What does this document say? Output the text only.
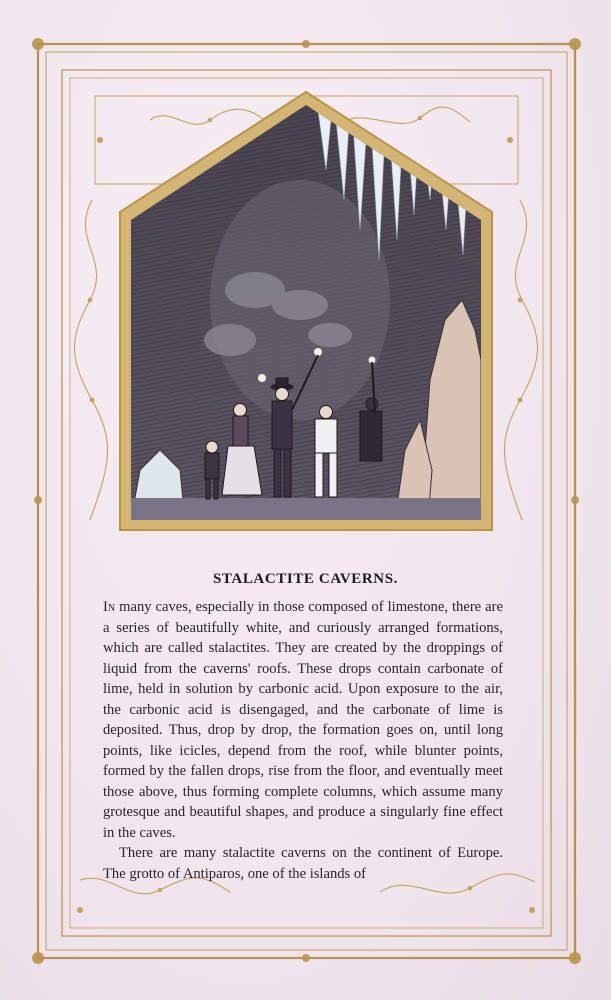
STALACTITE CAVERNS.

In many caves, especially in those composed of limestone, there are a series of beautifully white, and curiously arranged formations, which are called stalactites. They are created by the droppings of liquid from the caverns' roofs. These drops contain carbonate of lime, held in solution by carbonic acid. Upon exposure to the air, the carbonic acid is disengaged, and the carbonate of lime is deposited. Thus, drop by drop, the formation goes on, until long points, like icicles, depend from the roof, while blunter points, formed by the fallen drops, rise from the floor, and eventually meet those above, thus forming complete columns, which assume many grotesque and beautiful shapes, and produce a singularly fine effect in the caves.

There are many stalactite caverns on the continent of Europe. The grotto of Antiparos, one of the islands of
